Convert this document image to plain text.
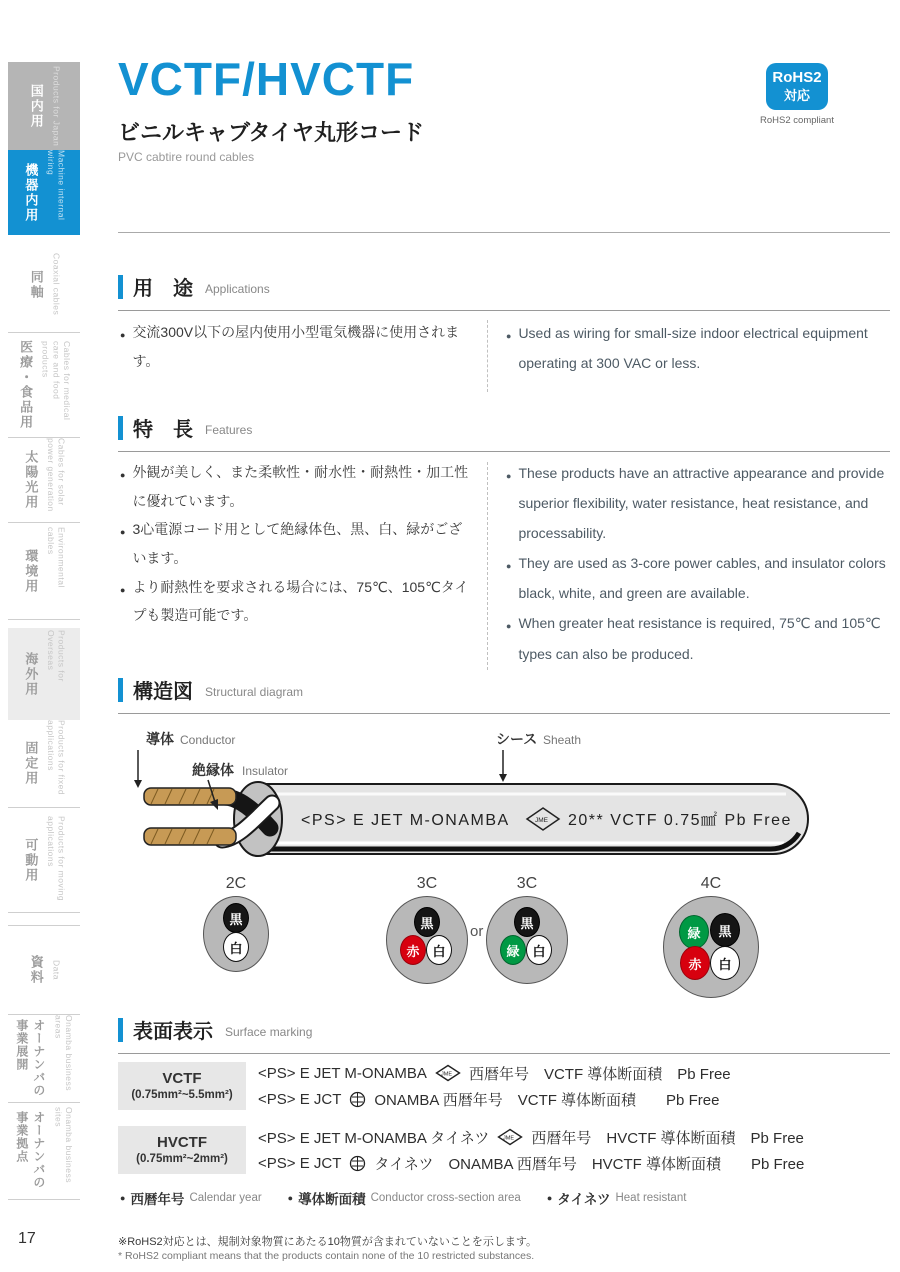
国内用 Products for Japan
機器内用	Machine internal wiring
同軸 Coaxial cables
医療・食品用	Cables for medical care and food products
太陽光用	Cables for solar power generation
環境用	Environmental cables
海外用	Products for Overseas
固定用	Products for fixed applications
可動用	Products for moving applications
資料 Data
オーナンバの事業展開	Onamba business areas
オーナンバの事業拠点	Onamba business sites
17
VCTF/HVCTF
ビニルキャブタイヤ丸形コード
PVC cabtire round cables
RoHS2
対応
RoHS2 compliant
用　途 Applications
● 交流300V以下の屋内使用小型電気機器に使用されます。
● Used as wiring for small-size indoor electrical equipment operating at 300 VAC or less.
特　長 Features
● 外観が美しく、また柔軟性・耐水性・耐熱性・加工性に優れています。
● 3心電源コード用として絶縁体色、黒、白、緑がございます。
● より耐熱性を要求される場合には、75℃、105℃タイプも製造可能です。
● These products have an attractive appearance and provide superior flexibility, water resistance, heat resistance, and processability.
● They are used as 3-core power cables, and insulator colors black, white, and green are available.
● When greater heat resistance is required, 75℃ and 105℃ types can also be produced.
構造図 Structural diagram
導体 Conductor
絶縁体 Insulator
シース Sheath
<PS> E JET M-ONAMBA	JME 20** VCTF 0.75㎟ Pb Free
2C
黒
白
3C
黒
赤 白
or
3C
黒
緑 白
4C
緑	黒
赤	白
表面表示 Surface marking
VCTF
(0.75mm²~5.5mm²)
<PS> E JET M-ONAMBA	JME 西暦年号　VCTF 導体断面積　Pb Free
<PS> E JCT ONAMBA 西暦年号　VCTF 導体断面積　　Pb Free
HVCTF
(0.75mm²~2mm²)
<PS> E JET M-ONAMBA タイネツ	JME 西暦年号　HVCTF 導体断面積　Pb Free
<PS> E JCT タイネツ　ONAMBA 西暦年号　HVCTF 導体断面積　　Pb Free
● 西暦年号 Calendar year	● 導体断面積 Conductor cross-section area	● タイネツ Heat resistant
※RoHS2対応とは、規制対象物質にあたる10物質が含まれていないことを示します。
* RoHS2 compliant means that the products contain none of the 10 restricted substances.
